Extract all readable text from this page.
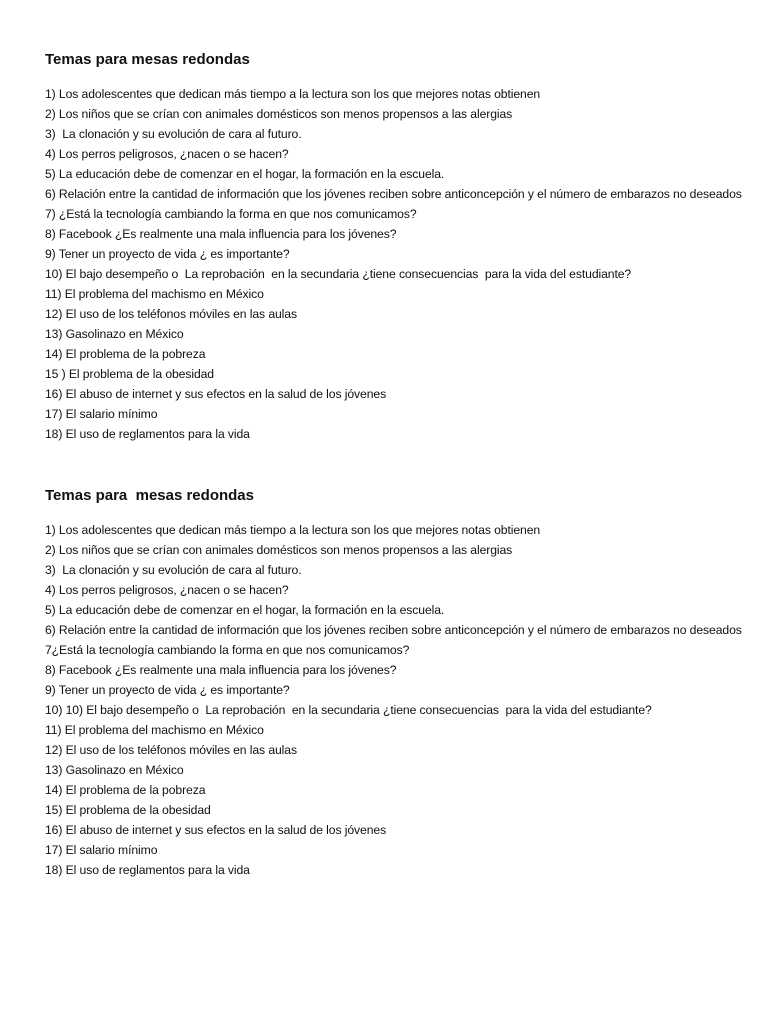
Temas para mesas redondas
1) Los adolescentes que dedican más tiempo a la lectura son los que mejores notas obtienen
2) Los niños que se crían con animales domésticos son menos propensos a las alergias
3)  La clonación y su evolución de cara al futuro.
4) Los perros peligrosos, ¿nacen o se hacen?
5) La educación debe de comenzar en el hogar, la formación en la escuela.
6) Relación entre la cantidad de información que los jóvenes reciben sobre anticoncepción y el número de embarazos no deseados
7) ¿Está la tecnología cambiando la forma en que nos comunicamos?
8) Facebook ¿Es realmente una mala influencia para los jóvenes?
9) Tener un proyecto de vida ¿ es importante?
10) El bajo desempeño o  La reprobación  en la secundaria ¿tiene consecuencias  para la vida del estudiante?
11) El problema del machismo en México
12) El uso de los teléfonos móviles en las aulas
13) Gasolinazo en México
14) El problema de la pobreza
15 ) El problema de la obesidad
16) El abuso de internet y sus efectos en la salud de los jóvenes
17) El salario mínimo
18) El uso de reglamentos para la vida
Temas para  mesas redondas
1) Los adolescentes que dedican más tiempo a la lectura son los que mejores notas obtienen
2) Los niños que se crían con animales domésticos son menos propensos a las alergias
3)  La clonación y su evolución de cara al futuro.
4) Los perros peligrosos, ¿nacen o se hacen?
5) La educación debe de comenzar en el hogar, la formación en la escuela.
6) Relación entre la cantidad de información que los jóvenes reciben sobre anticoncepción y el número de embarazos no deseados
7¿Está la tecnología cambiando la forma en que nos comunicamos?
8) Facebook ¿Es realmente una mala influencia para los jóvenes?
9) Tener un proyecto de vida ¿ es importante?
10) 10) El bajo desempeño o  La reprobación  en la secundaria ¿tiene consecuencias  para la vida del estudiante?
11) El problema del machismo en México
12) El uso de los teléfonos móviles en las aulas
13) Gasolinazo en México
14) El problema de la pobreza
15) El problema de la obesidad
16) El abuso de internet y sus efectos en la salud de los jóvenes
17) El salario mínimo
18) El uso de reglamentos para la vida
